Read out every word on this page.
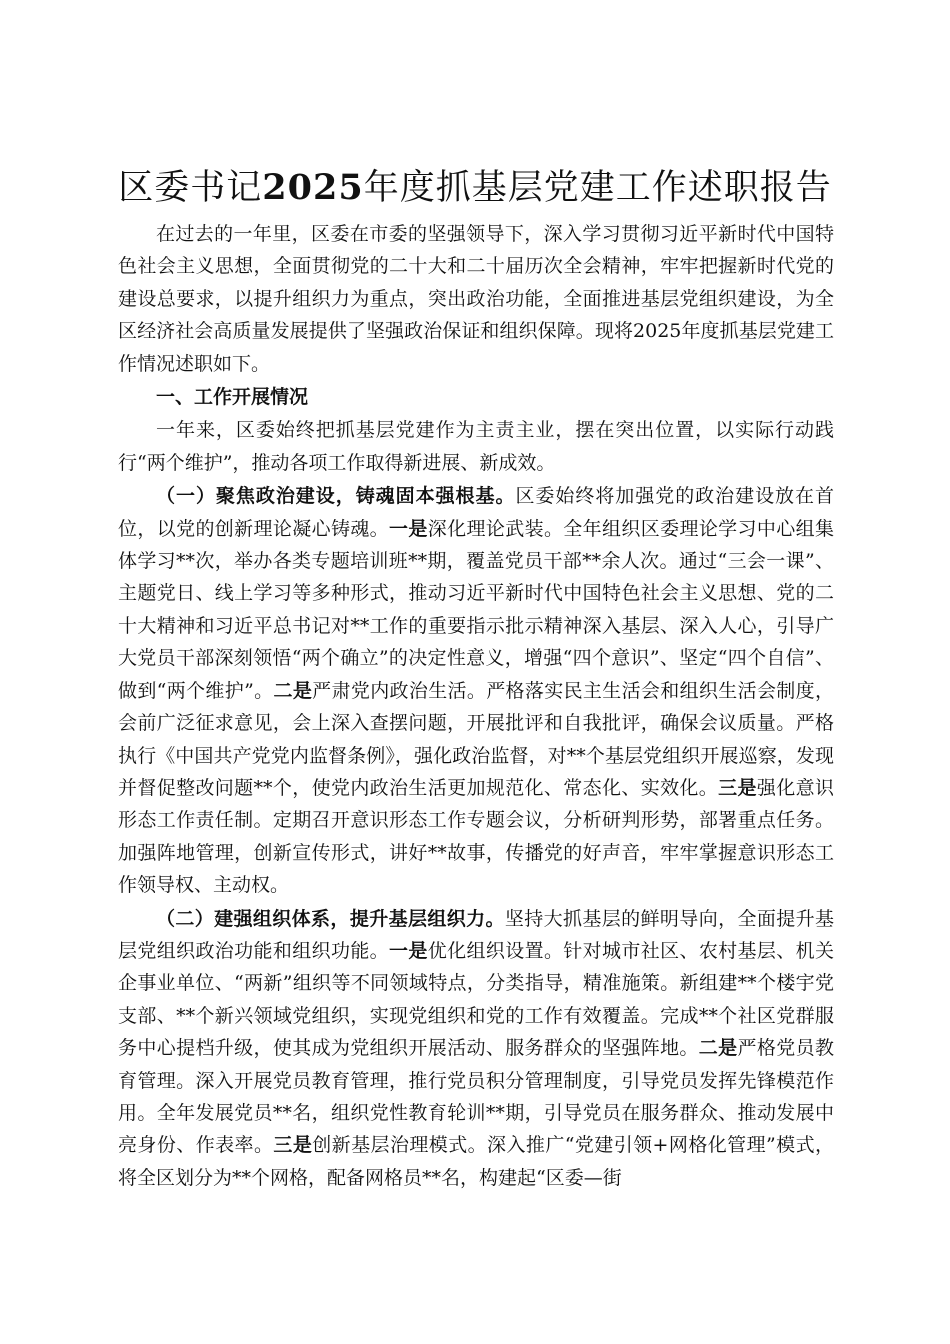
区委书记2025年度抓基层党建工作述职报告

在过去的一年里，区委在市委的坚强领导下，深入学习贯彻习近平新时代中国特色社会主义思想，全面贯彻党的二十大和二十届历次全会精神，牢牢把握新时代党的建设总要求，以提升组织力为重点，突出政治功能，全面推进基层党组织建设，为全区经济社会高质量发展提供了坚强政治保证和组织保障。现将2025年度抓基层党建工作情况述职如下。

一、工作开展情况

一年来，区委始终把抓基层党建作为主责主业，摆在突出位置，以实际行动践行“两个维护”，推动各项工作取得新进展、新成效。

（一）聚焦政治建设，铸魂固本强根基。区委始终将加强党的政治建设放在首位，以党的创新理论凝心铸魂。一是深化理论武装。全年组织区委理论学习中心组集体学习**次，举办各类专题培训班**期，覆盖党员干部**余人次。通过“三会一课”、主题党日、线上学习等多种形式，推动习近平新时代中国特色社会主义思想、党的二十大精神和习近平总书记对**工作的重要指示批示精神深入基层、深入人心，引导广大党员干部深刻领悟“两个确立”的决定性意义，增强“四个意识”、坚定“四个自信”、做到“两个维护”。二是严肃党内政治生活。严格落实民主生活会和组织生活会制度，会前广泛征求意见，会上深入查摆问题，开展批评和自我批评，确保会议质量。严格执行《中国共产党党内监督条例》，强化政治监督，对**个基层党组织开展巡察，发现并督促整改问题**个，使党内政治生活更加规范化、常态化、实效化。三是强化意识形态工作责任制。定期召开意识形态工作专题会议，分析研判形势，部署重点任务。加强阵地管理，创新宣传形式，讲好**故事，传播党的好声音，牢牢掌握意识形态工作领导权、主动权。

（二）建强组织体系，提升基层组织力。坚持大抓基层的鲜明导向，全面提升基层党组织政治功能和组织功能。一是优化组织设置。针对城市社区、农村基层、机关企事业单位、“两新”组织等不同领域特点，分类指导，精准施策。新组建**个楼宇党支部、**个新兴领域党组织，实现党组织和党的工作有效覆盖。完成**个社区党群服务中心提档升级，使其成为党组织开展活动、服务群众的坚强阵地。二是严格党员教育管理。深入开展党员教育管理，推行党员积分管理制度，引导党员发挥先锋模范作用。全年发展党员**名，组织党性教育轮训**期，引导党员在服务群众、推动发展中亮身份、作表率。三是创新基层治理模式。深入推广“党建引领+网格化管理”模式，将全区划分为**个网格，配备网格员**名，构建起“区委—街
